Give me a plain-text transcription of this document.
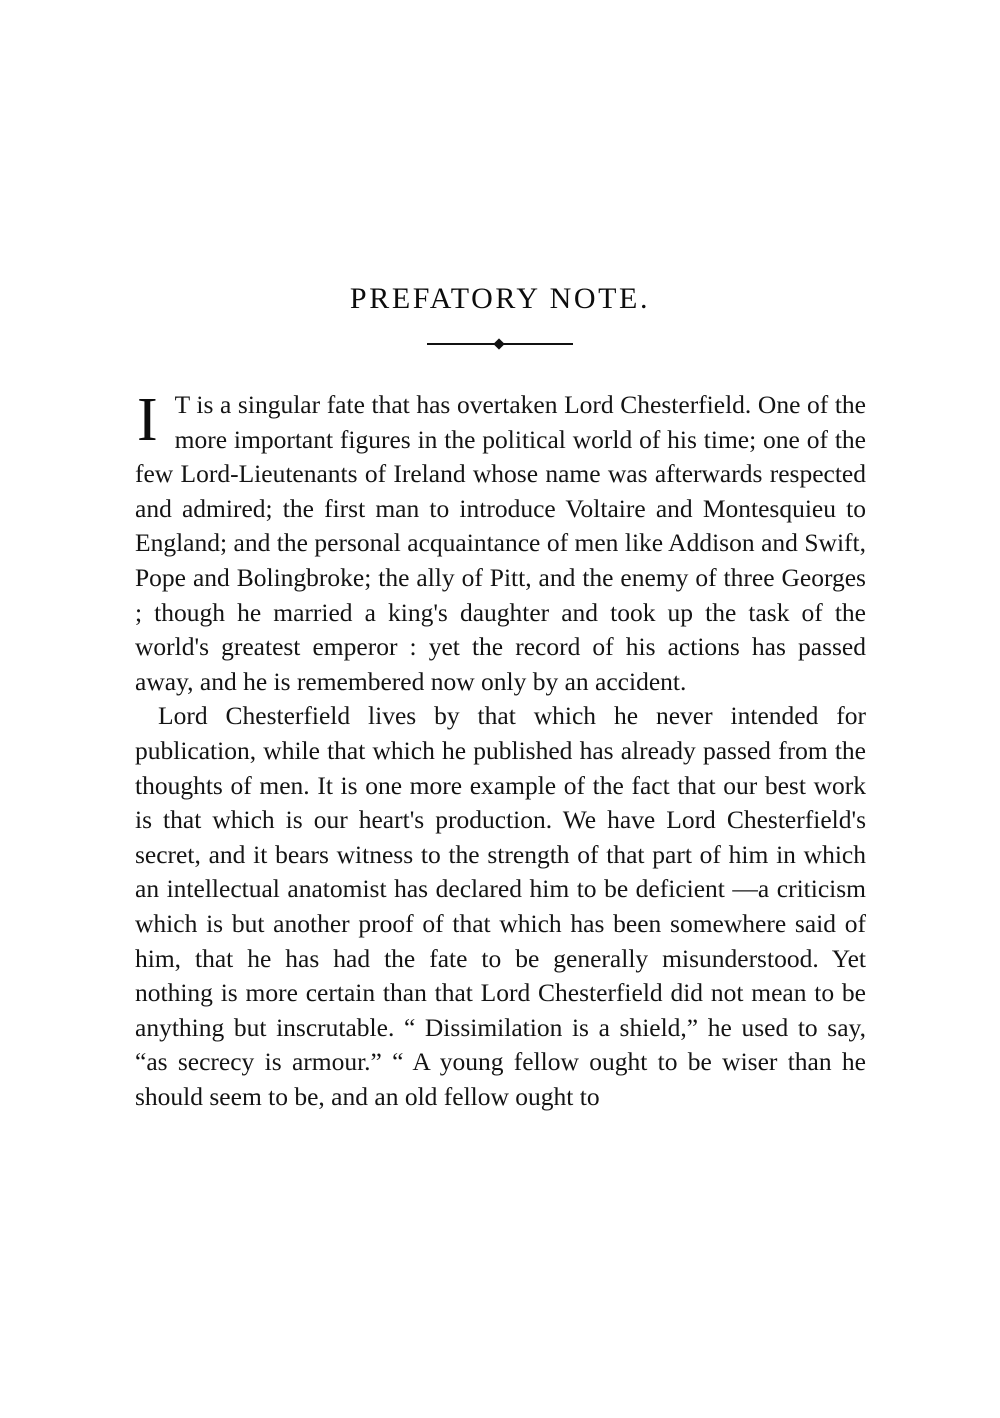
PREFATORY NOTE.

I T is a singular fate that has overtaken Lord Chesterfield. One of the more important figures in the political world of his time; one of the few Lord-Lieutenants of Ireland whose name was afterwards respected and admired; the first man to introduce Voltaire and Montesquieu to England; and the personal acquaintance of men like Addison and Swift, Pope and Bolingbroke; the ally of Pitt, and the enemy of three Georges ; though he married a king's daughter and took up the task of the world's greatest emperor : yet the record of his actions has passed away, and he is remembered now only by an accident.

Lord Chesterfield lives by that which he never intended for publication, while that which he published has already passed from the thoughts of men. It is one more example of the fact that our best work is that which is our heart's production. We have Lord Chesterfield's secret, and it bears witness to the strength of that part of him in which an intellectual anatomist has declared him to be deficient —a criticism which is but another proof of that which has been somewhere said of him, that he has had the fate to be generally misunderstood. Yet nothing is more certain than that Lord Chesterfield did not mean to be anything but inscrutable. “ Dissimilation is a shield,” he used to say, “as secrecy is armour.” “ A young fellow ought to be wiser than he should seem to be, and an old fellow ought to
